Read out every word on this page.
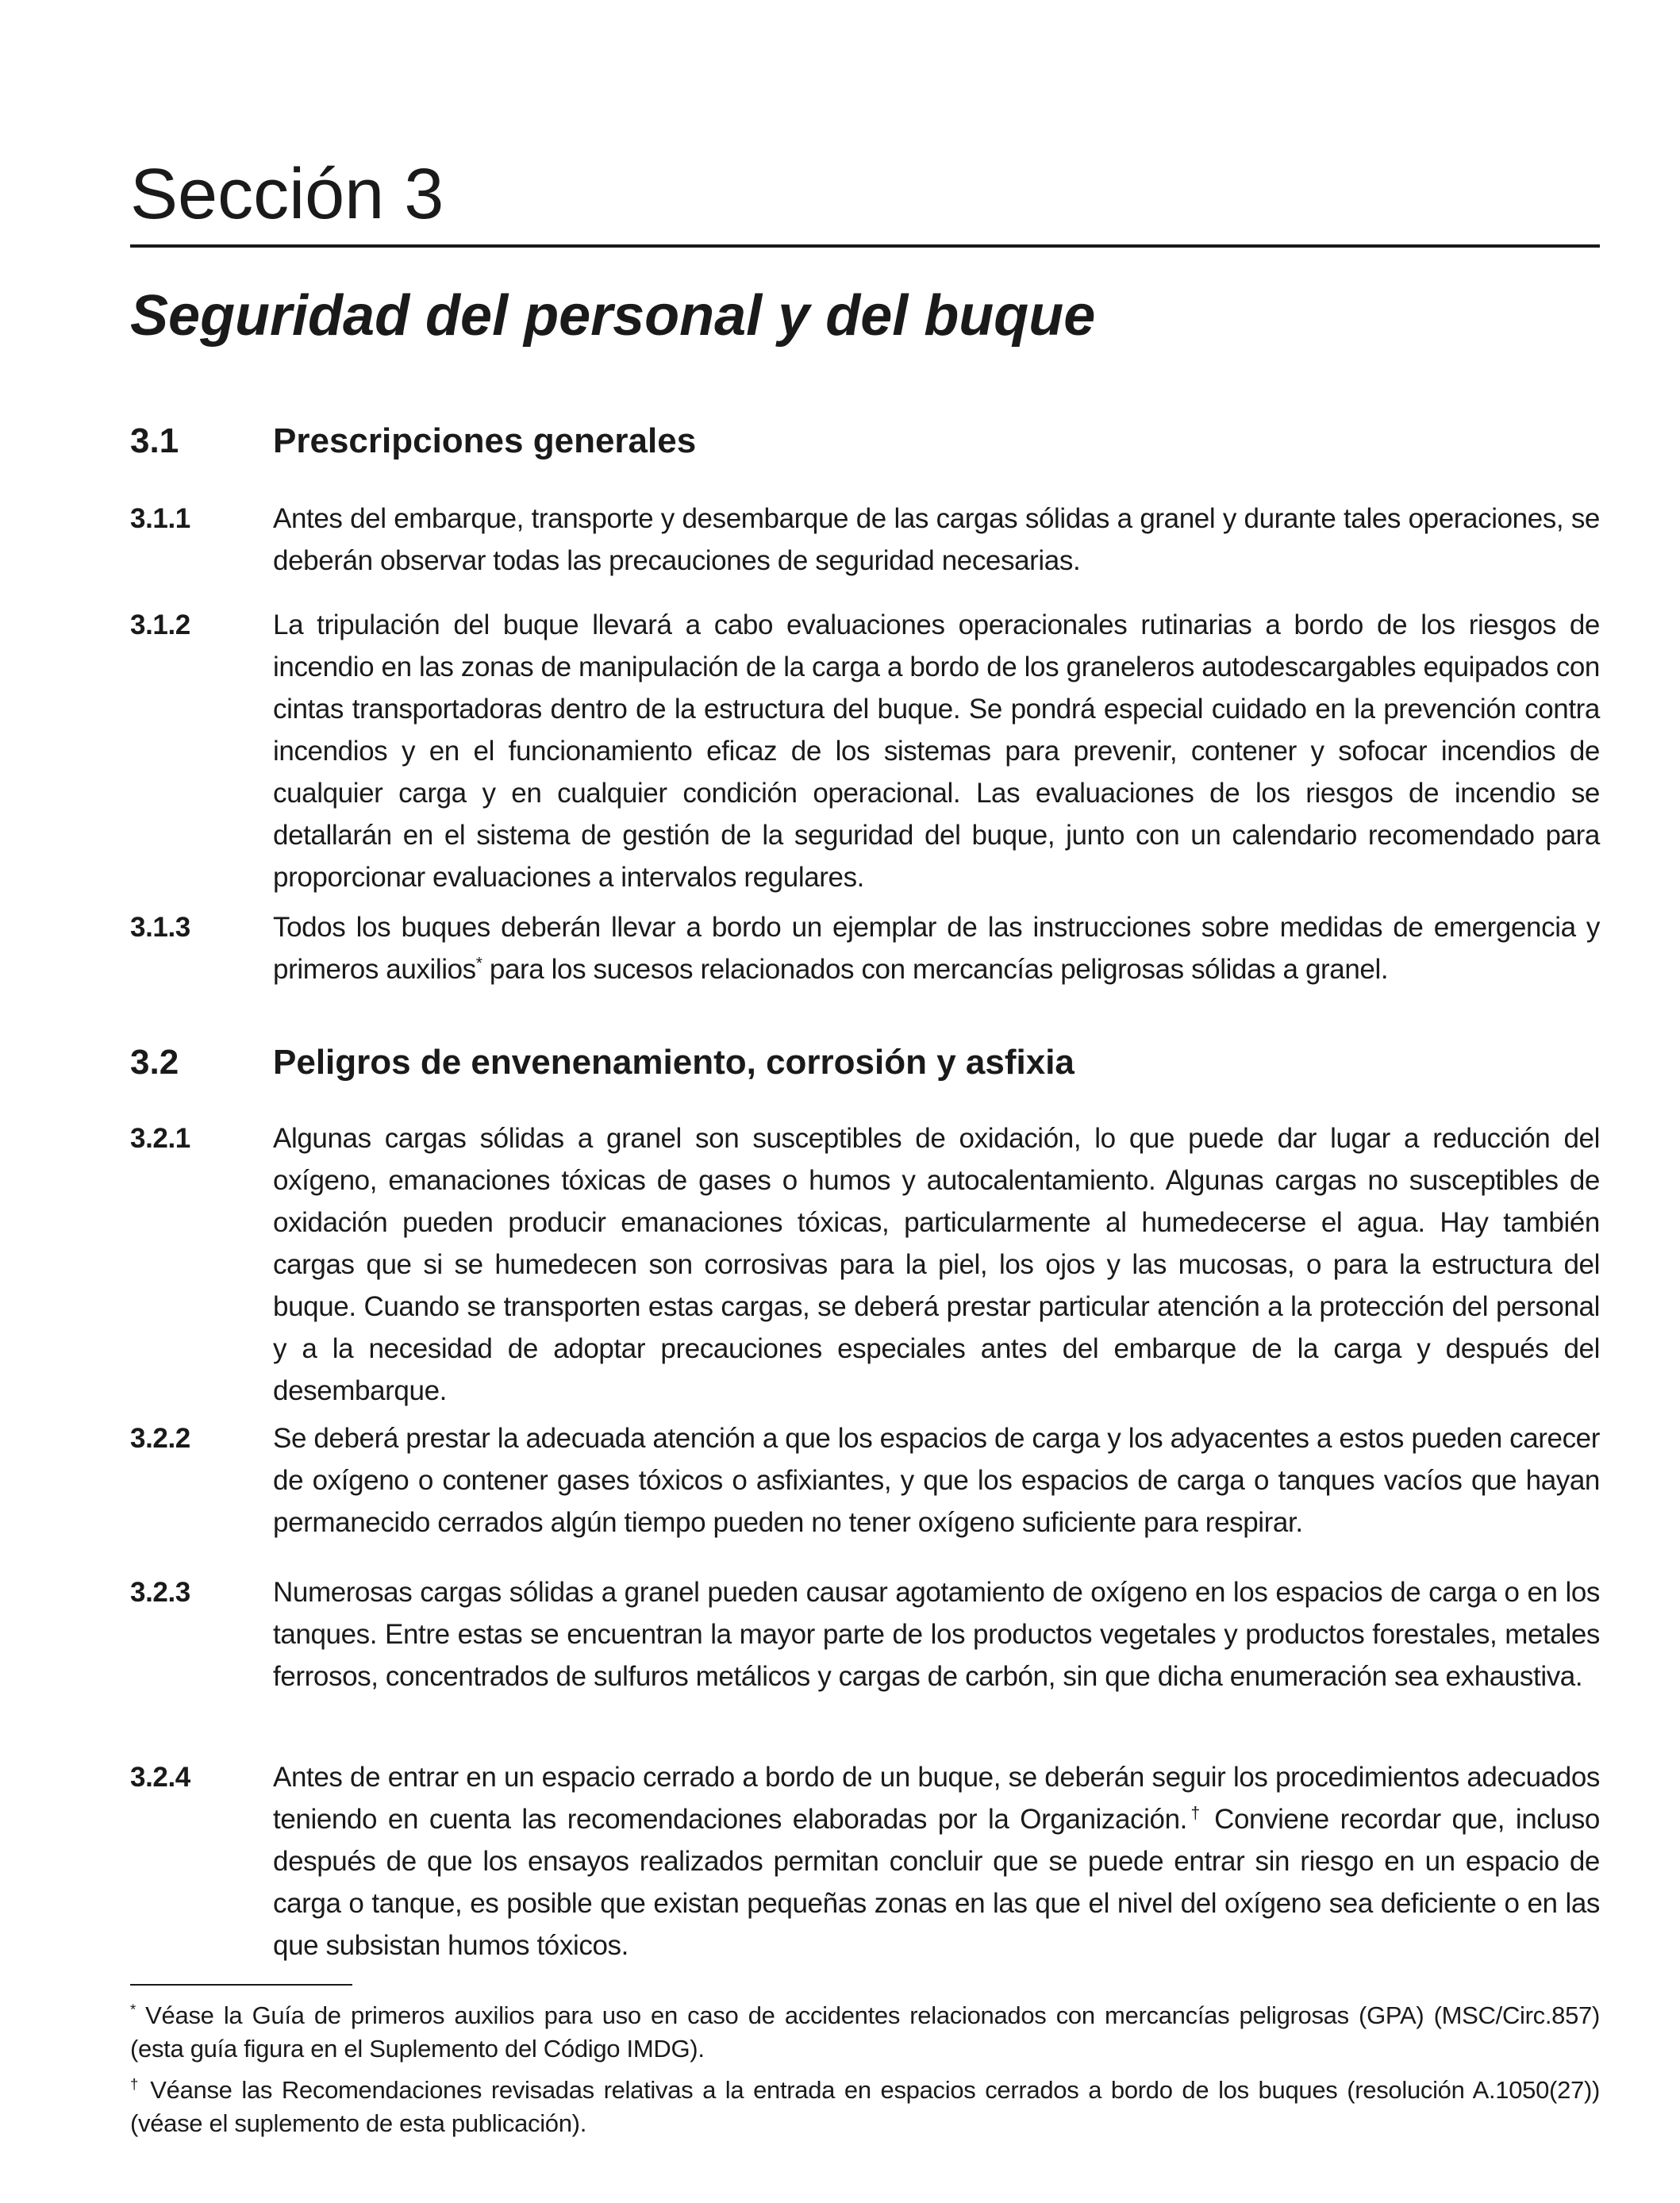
Sección 3
Seguridad del personal y del buque
3.1	Prescripciones generales
3.1.1	Antes del embarque, transporte y desembarque de las cargas sólidas a granel y durante tales operaciones, se deberán observar todas las precauciones de seguridad necesarias.
3.1.2	La tripulación del buque llevará a cabo evaluaciones operacionales rutinarias a bordo de los riesgos de incendio en las zonas de manipulación de la carga a bordo de los graneleros autodescargables equipados con cintas transportadoras dentro de la estructura del buque. Se pondrá especial cuidado en la prevención contra incendios y en el funcionamiento eficaz de los sistemas para prevenir, contener y sofocar incendios de cualquier carga y en cualquier condición operacional. Las evaluaciones de los riesgos de incendio se detallarán en el sistema de gestión de la seguridad del buque, junto con un calendario recomendado para proporcionar evaluaciones a intervalos regulares.
3.1.3	Todos los buques deberán llevar a bordo un ejemplar de las instrucciones sobre medidas de emergencia y primeros auxilios* para los sucesos relacionados con mercancías peligrosas sólidas a granel.
3.2	Peligros de envenenamiento, corrosión y asfixia
3.2.1	Algunas cargas sólidas a granel son susceptibles de oxidación, lo que puede dar lugar a reducción del oxígeno, emanaciones tóxicas de gases o humos y autocalentamiento. Algunas cargas no susceptibles de oxidación pueden producir emanaciones tóxicas, particularmente al humedecerse el agua. Hay también cargas que si se humedecen son corrosivas para la piel, los ojos y las mucosas, o para la estructura del buque. Cuando se transporten estas cargas, se deberá prestar particular atención a la protección del personal y a la necesidad de adoptar precauciones especiales antes del embarque de la carga y después del desembarque.
3.2.2	Se deberá prestar la adecuada atención a que los espacios de carga y los adyacentes a estos pueden carecer de oxígeno o contener gases tóxicos o asfixiantes, y que los espacios de carga o tanques vacíos que hayan permanecido cerrados algún tiempo pueden no tener oxígeno suficiente para respirar.
3.2.3	Numerosas cargas sólidas a granel pueden causar agotamiento de oxígeno en los espacios de carga o en los tanques. Entre estas se encuentran la mayor parte de los productos vegetales y productos forestales, metales ferrosos, concentrados de sulfuros metálicos y cargas de carbón, sin que dicha enumeración sea exhaustiva.
3.2.4	Antes de entrar en un espacio cerrado a bordo de un buque, se deberán seguir los procedimientos adecuados teniendo en cuenta las recomendaciones elaboradas por la Organización.† Conviene recordar que, incluso después de que los ensayos realizados permitan concluir que se puede entrar sin riesgo en un espacio de carga o tanque, es posible que existan pequeñas zonas en las que el nivel del oxígeno sea deficiente o en las que subsistan humos tóxicos.
* Véase la Guía de primeros auxilios para uso en caso de accidentes relacionados con mercancías peligrosas (GPA) (MSC/Circ.857) (esta guía figura en el Suplemento del Código IMDG).
† Véanse las Recomendaciones revisadas relativas a la entrada en espacios cerrados a bordo de los buques (resolución A.1050(27)) (véase el suplemento de esta publicación).
